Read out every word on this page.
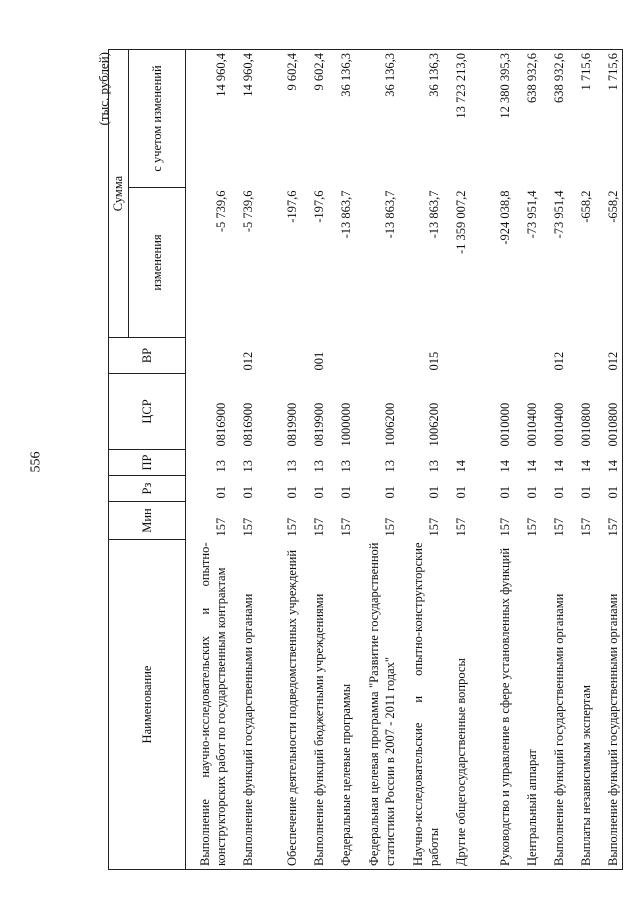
556
(тыс. рублей)
Наименование	Мин	Рз	ПР	ЦСР	ВР	Сумма	
						изменения	с учетом изменений
Выполнение научно-исследовательских и опытно-конструкторских работ по государственным контрактам	157	01	13	0816900		-5 739,6	14 960,4
Выполнение функций государственными органами	157	01	13	0816900	012	-5 739,6	14 960,4
Обеспечение деятельности подведомственных учреждений	157	01	13	0819900		-197,6	9 602,4
Выполнение функций бюджетными учреждениями	157	01	13	0819900	001	-197,6	9 602,4
Федеральные целевые программы	157	01	13	1000000		-13 863,7	36 136,3
Федеральная целевая программа "Развитие государственной статистики России в 2007 - 2011 годах"	157	01	13	1006200		-13 863,7	36 136,3
Научно-исследовательские и опытно-конструкторские работы	157	01	13	1006200	015	-13 863,7	36 136,3
Другие общегосударственные вопросы	157	01	14			-1 359 007,2	13 723 213,0
Руководство и управление в сфере установленных функций	157	01	14	0010000		-924 038,8	12 380 395,3
Центральный аппарат	157	01	14	0010400		-73 951,4	638 932,6
Выполнение функций государственными органами	157	01	14	0010400	012	-73 951,4	638 932,6
Выплаты независимым экспертам	157	01	14	0010800		-658,2	1 715,6
Выполнение функций государственными органами	157	01	14	0010800	012	-658,2	1 715,6
